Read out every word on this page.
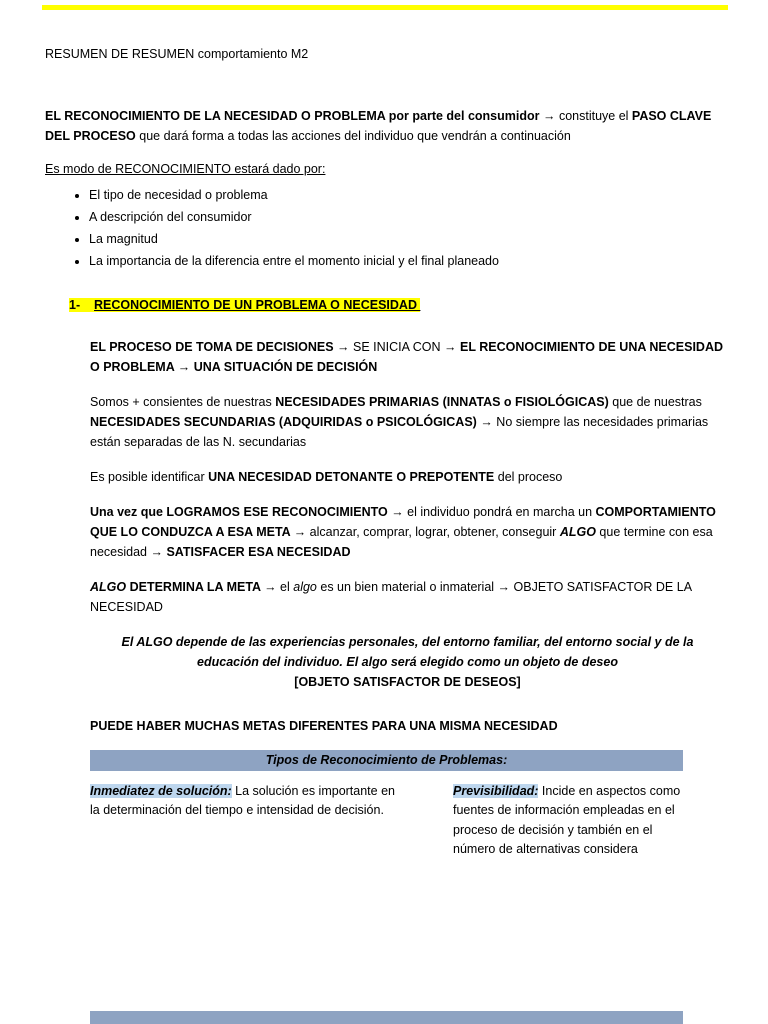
RESUMEN DE RESUMEN comportamiento M2

EL RECONOCIMIENTO DE LA NECESIDAD O PROBLEMA por parte del consumidor → constituye el PASO CLAVE DEL PROCESO que dará forma a todas las acciones del individuo que vendrán a continuación

Es modo de RECONOCIMIENTO estará dado por:

• El tipo de necesidad o problema
• A descripción del consumidor
• La magnitud
• La importancia de la diferencia entre el momento inicial y el final planeado

1- RECONOCIMIENTO DE UN PROBLEMA O NECESIDAD

EL PROCESO DE TOMA DE DECISIONES → SE INICIA CON → EL RECONOCIMIENTO DE UNA NECESIDAD O PROBLEMA → UNA SITUACIÓN DE DECISIÓN

Somos + consientes de nuestras NECESIDADES PRIMARIAS (INNATAS o FISIOLÓGICAS) que de nuestras NECESIDADES SECUNDARIAS (ADQUIRIDAS o PSICOLÓGICAS) → No siempre las necesidades primarias están separadas de las N. secundarias

Es posible identificar UNA NECESIDAD DETONANTE O PREPOTENTE del proceso

Una vez que LOGRAMOS ESE RECONOCIMIENTO → el individuo pondrá en marcha un COMPORTAMIENTO QUE LO CONDUZCA A ESA META → alcanzar, comprar, lograr, obtener, conseguir ALGO que termine con esa necesidad → SATISFACER ESA NECESIDAD

ALGO DETERMINA LA META → el algo es un bien material o inmaterial → OBJETO SATISFACTOR DE LA NECESIDAD

El ALGO depende de las experiencias personales, del entorno familiar, del entorno social y de la educación del individuo. El algo será elegido como un objeto de deseo

[OBJETO SATISFACTOR DE DESEOS]

PUEDE HABER MUCHAS METAS DIFERENTES PARA UNA MISMA NECESIDAD

Tipos de Reconocimiento de Problemas:

Inmediatez de solución: La solución es importante en la determinación del tiempo e intensidad de decisión.

Previsibilidad: Incide en aspectos como fuentes de información empleadas en el proceso de decisión y también en el número de alternativas considera
